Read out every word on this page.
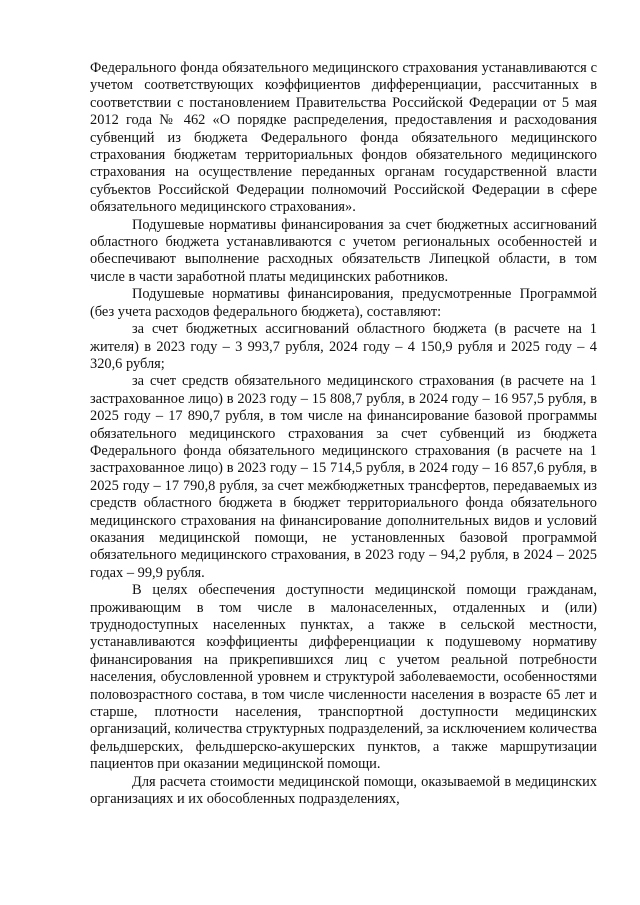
Федерального фонда обязательного медицинского страхования устанавливаются с учетом соответствующих коэффициентов дифференциации, рассчитанных в соответствии с постановлением Правительства Российской Федерации от 5 мая 2012 года № 462 «О порядке распределения, предоставления и расходования субвенций из бюджета Федерального фонда обязательного медицинского страхования бюджетам территориальных фондов обязательного медицинского страхования на осуществление переданных органам государственной власти субъектов Российской Федерации полномочий Российской Федерации в сфере обязательного медицинского страхования».

Подушевые нормативы финансирования за счет бюджетных ассигнований областного бюджета устанавливаются с учетом региональных особенностей и обеспечивают выполнение расходных обязательств Липецкой области, в том числе в части заработной платы медицинских работников.

Подушевые нормативы финансирования, предусмотренные Программой (без учета расходов федерального бюджета), составляют:

за счет бюджетных ассигнований областного бюджета (в расчете на 1 жителя) в 2023 году – 3 993,7 рубля, 2024 году – 4 150,9 рубля и 2025 году – 4 320,6 рубля;

за счет средств обязательного медицинского страхования (в расчете на 1 застрахованное лицо) в 2023 году – 15 808,7 рубля, в 2024 году – 16 957,5 рубля, в 2025 году – 17 890,7 рубля, в том числе на финансирование базовой программы обязательного медицинского страхования за счет субвенций из бюджета Федерального фонда обязательного медицинского страхования (в расчете на 1 застрахованное лицо) в 2023 году – 15 714,5 рубля, в 2024 году – 16 857,6 рубля, в 2025 году – 17 790,8 рубля, за счет межбюджетных трансфертов, передаваемых из средств областного бюджета в бюджет территориального фонда обязательного медицинского страхования на финансирование дополнительных видов и условий оказания медицинской помощи, не установленных базовой программой обязательного медицинского страхования, в 2023 году – 94,2 рубля, в 2024 – 2025 годах – 99,9 рубля.

В целях обеспечения доступности медицинской помощи гражданам, проживающим в том числе в малонаселенных, отдаленных и (или) труднодоступных населенных пунктах, а также в сельской местности, устанавливаются коэффициенты дифференциации к подушевому нормативу финансирования на прикрепившихся лиц с учетом реальной потребности населения, обусловленной уровнем и структурой заболеваемости, особенностями половозрастного состава, в том числе численности населения в возрасте 65 лет и старше, плотности населения, транспортной доступности медицинских организаций, количества структурных подразделений, за исключением количества фельдшерских, фельдшерско-акушерских пунктов, а также маршрутизации пациентов при оказании медицинской помощи.

Для расчета стоимости медицинской помощи, оказываемой в медицинских организациях и их обособленных подразделениях,
